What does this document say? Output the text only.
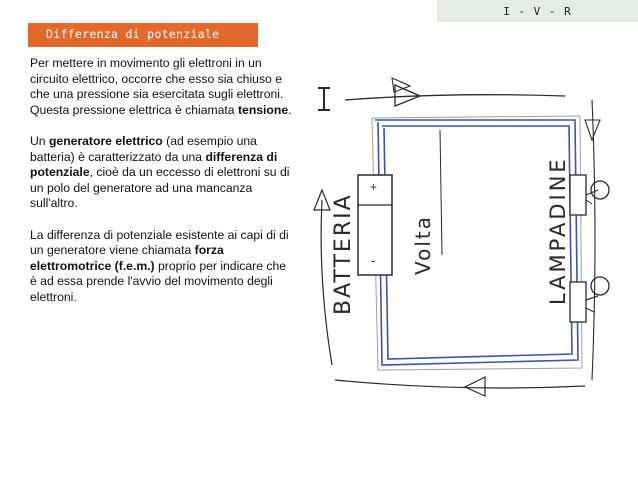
I - V - R
Differenza di potenziale

Per mettere in movimento gli elettroni in un circuito elettrico, occorre che esso sia chiuso e che una pressione sia esercitata sugli elettroni. Questa pressione elettrica è chiamata tensione.

Un generatore elettrico (ad esempio una batteria) è caratterizzato da una differenza di potenziale, cioè da un eccesso di elettroni su di un polo del generatore ad una mancanza sull'altro.

La differenza di potenziale esistente ai capi di di un generatore viene chiamata forza elettromotrice (f.e.m.) proprio per indicare che è ad essa prende l'avvio del movimento degli elettroni.

I
+
-
BATTERIA	Volta	LAMPADINE
